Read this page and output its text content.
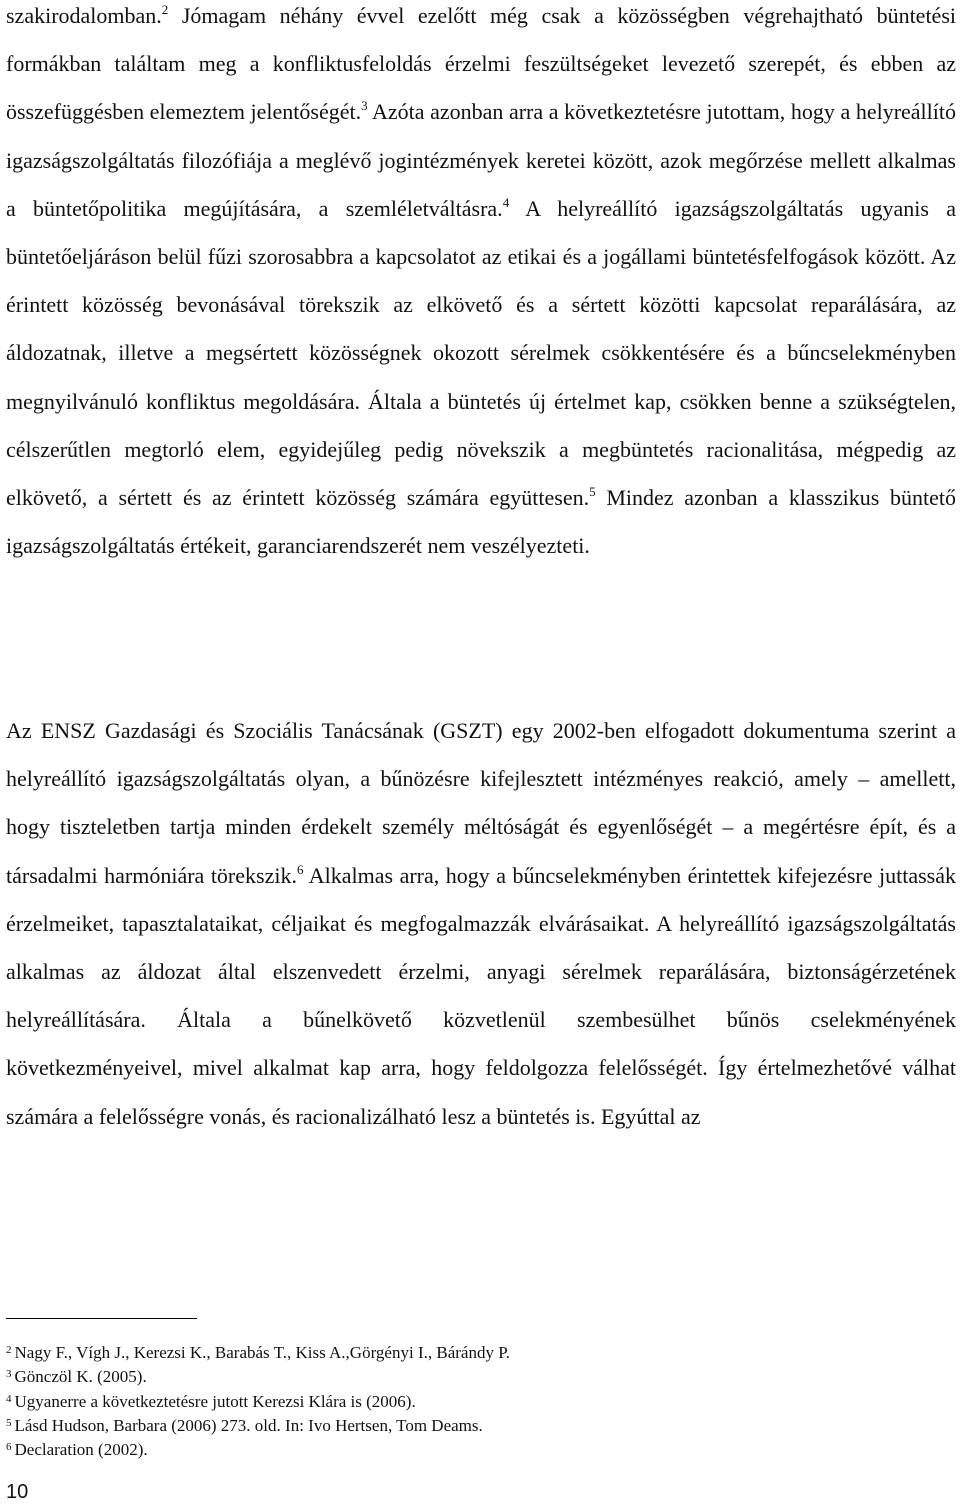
szakirodalomban.$^2$ Jómagam néhány évvel ezelőtt még csak a közösségben végrehajtható büntetési formákban találtam meg a konfliktusfeloldás érzelmi feszültségeket levezető szerepét, és ebben az összefüggésben elemeztem jelentőségét.$^3$ Azóta azonban arra a következtetésre jutottam, hogy a helyreállító igazságszolgáltatás filozófiája a meglévő jogintézmények keretei között, azok megőrzése mellett alkalmas a büntetőpolitika megújítására, a szemléletváltásra.$^4$ A helyreállító igazságszolgáltatás ugyanis a büntetőeljáráson belül fűzi szorosabbra a kapcsolatot az etikai és a jogállami büntetésfelfogások között. Az érintett közösség bevonásával törekszik az elkövető és a sértett közötti kapcsolat reparálására, az áldozatnak, illetve a megsértett közösségnek okozott sérelmek csökkentésére és a bűncselekményben megnyilvánuló konfliktus megoldására. Általa a büntetés új értelmet kap, csökken benne a szükségtelen, célszerűtlen megtorló elem, egyidejűleg pedig növekszik a megbüntetés racionalitása, mégpedig az elkövető, a sértett és az érintett közösség számára együttesen.$^5$ Mindez azonban a klasszikus büntető igazságszolgáltatás értékeit, garanciarendszerét nem veszélyezteti.

Az ENSZ Gazdasági és Szociális Tanácsának (GSZT) egy 2002-ben elfogadott dokumentuma szerint a helyreállító igazságszolgáltatás olyan, a bűnözésre kifejlesztett intézményes reakció, amely – amellett, hogy tiszteletben tartja minden érdekelt személy méltóságát és egyenlőségét – a megértésre épít, és a társadalmi harmóniára törekszik.$^6$ Alkalmas arra, hogy a bűncselekményben érintettek kifejezésre juttassák érzelmeiket, tapasztalataikat, céljaikat és megfogalmazzák elvárásaikat. A helyreállító igazságszolgáltatás alkalmas az áldozat által elszenvedett érzelmi, anyagi sérelmek reparálására, biztonságérzetének helyreállítására. Általa a bűnelkövető közvetlenül szembesülhet bűnös cselekményének következményeivel, mivel alkalmat kap arra, hogy feldolgozza felelősségét. Így értelmezhetővé válhat számára a felelősségre vonás, és racionalizálható lesz a büntetés is. Egyúttal az

$^2$ Nagy F., Vígh J., Kerezsi K., Barabás T., Kiss A.,Görgényi I., Bárándy P.

$^3$ Gönczöl K. (2005).

$^4$ Ugyanerre a következtetésre jutott Kerezsi Klára is (2006).

$^5$ Lásd Hudson, Barbara (2006) 273. old. In: Ivo Hertsen, Tom Deams.

$^6$ Declaration (2002).

10
